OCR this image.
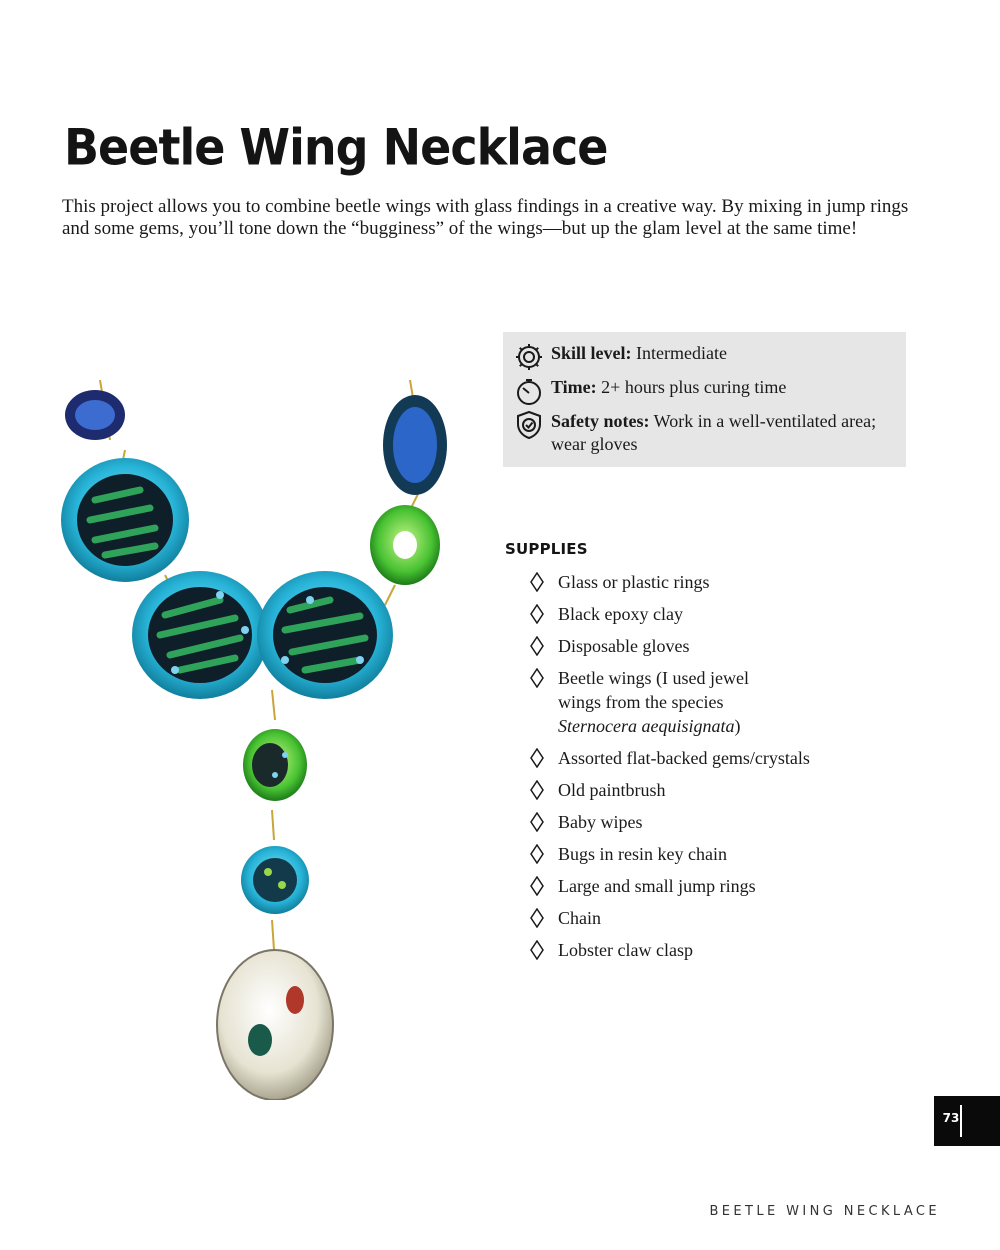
Beetle Wing Necklace

This project allows you to combine beetle wings with glass findings in a creative way. By mixing in jump rings and some gems, you’ll tone down the “bugginess” of the wings—but up the glam level at the same time!

Skill level: Intermediate
Time: 2+ hours plus curing time
Safety notes: Work in a well-ventilated area; wear gloves
SUPPLIES
Glass or plastic rings
Black epoxy clay
Disposable gloves
Beetle wings (I used jewel
wings from the species
Sternocera aequisignata)
Assorted flat-backed gems/crystals
Old paintbrush
Baby wipes
Bugs in resin key chain
Large and small jump rings
Chain
Lobster claw clasp
73
BEETLE WING NECKLACE
